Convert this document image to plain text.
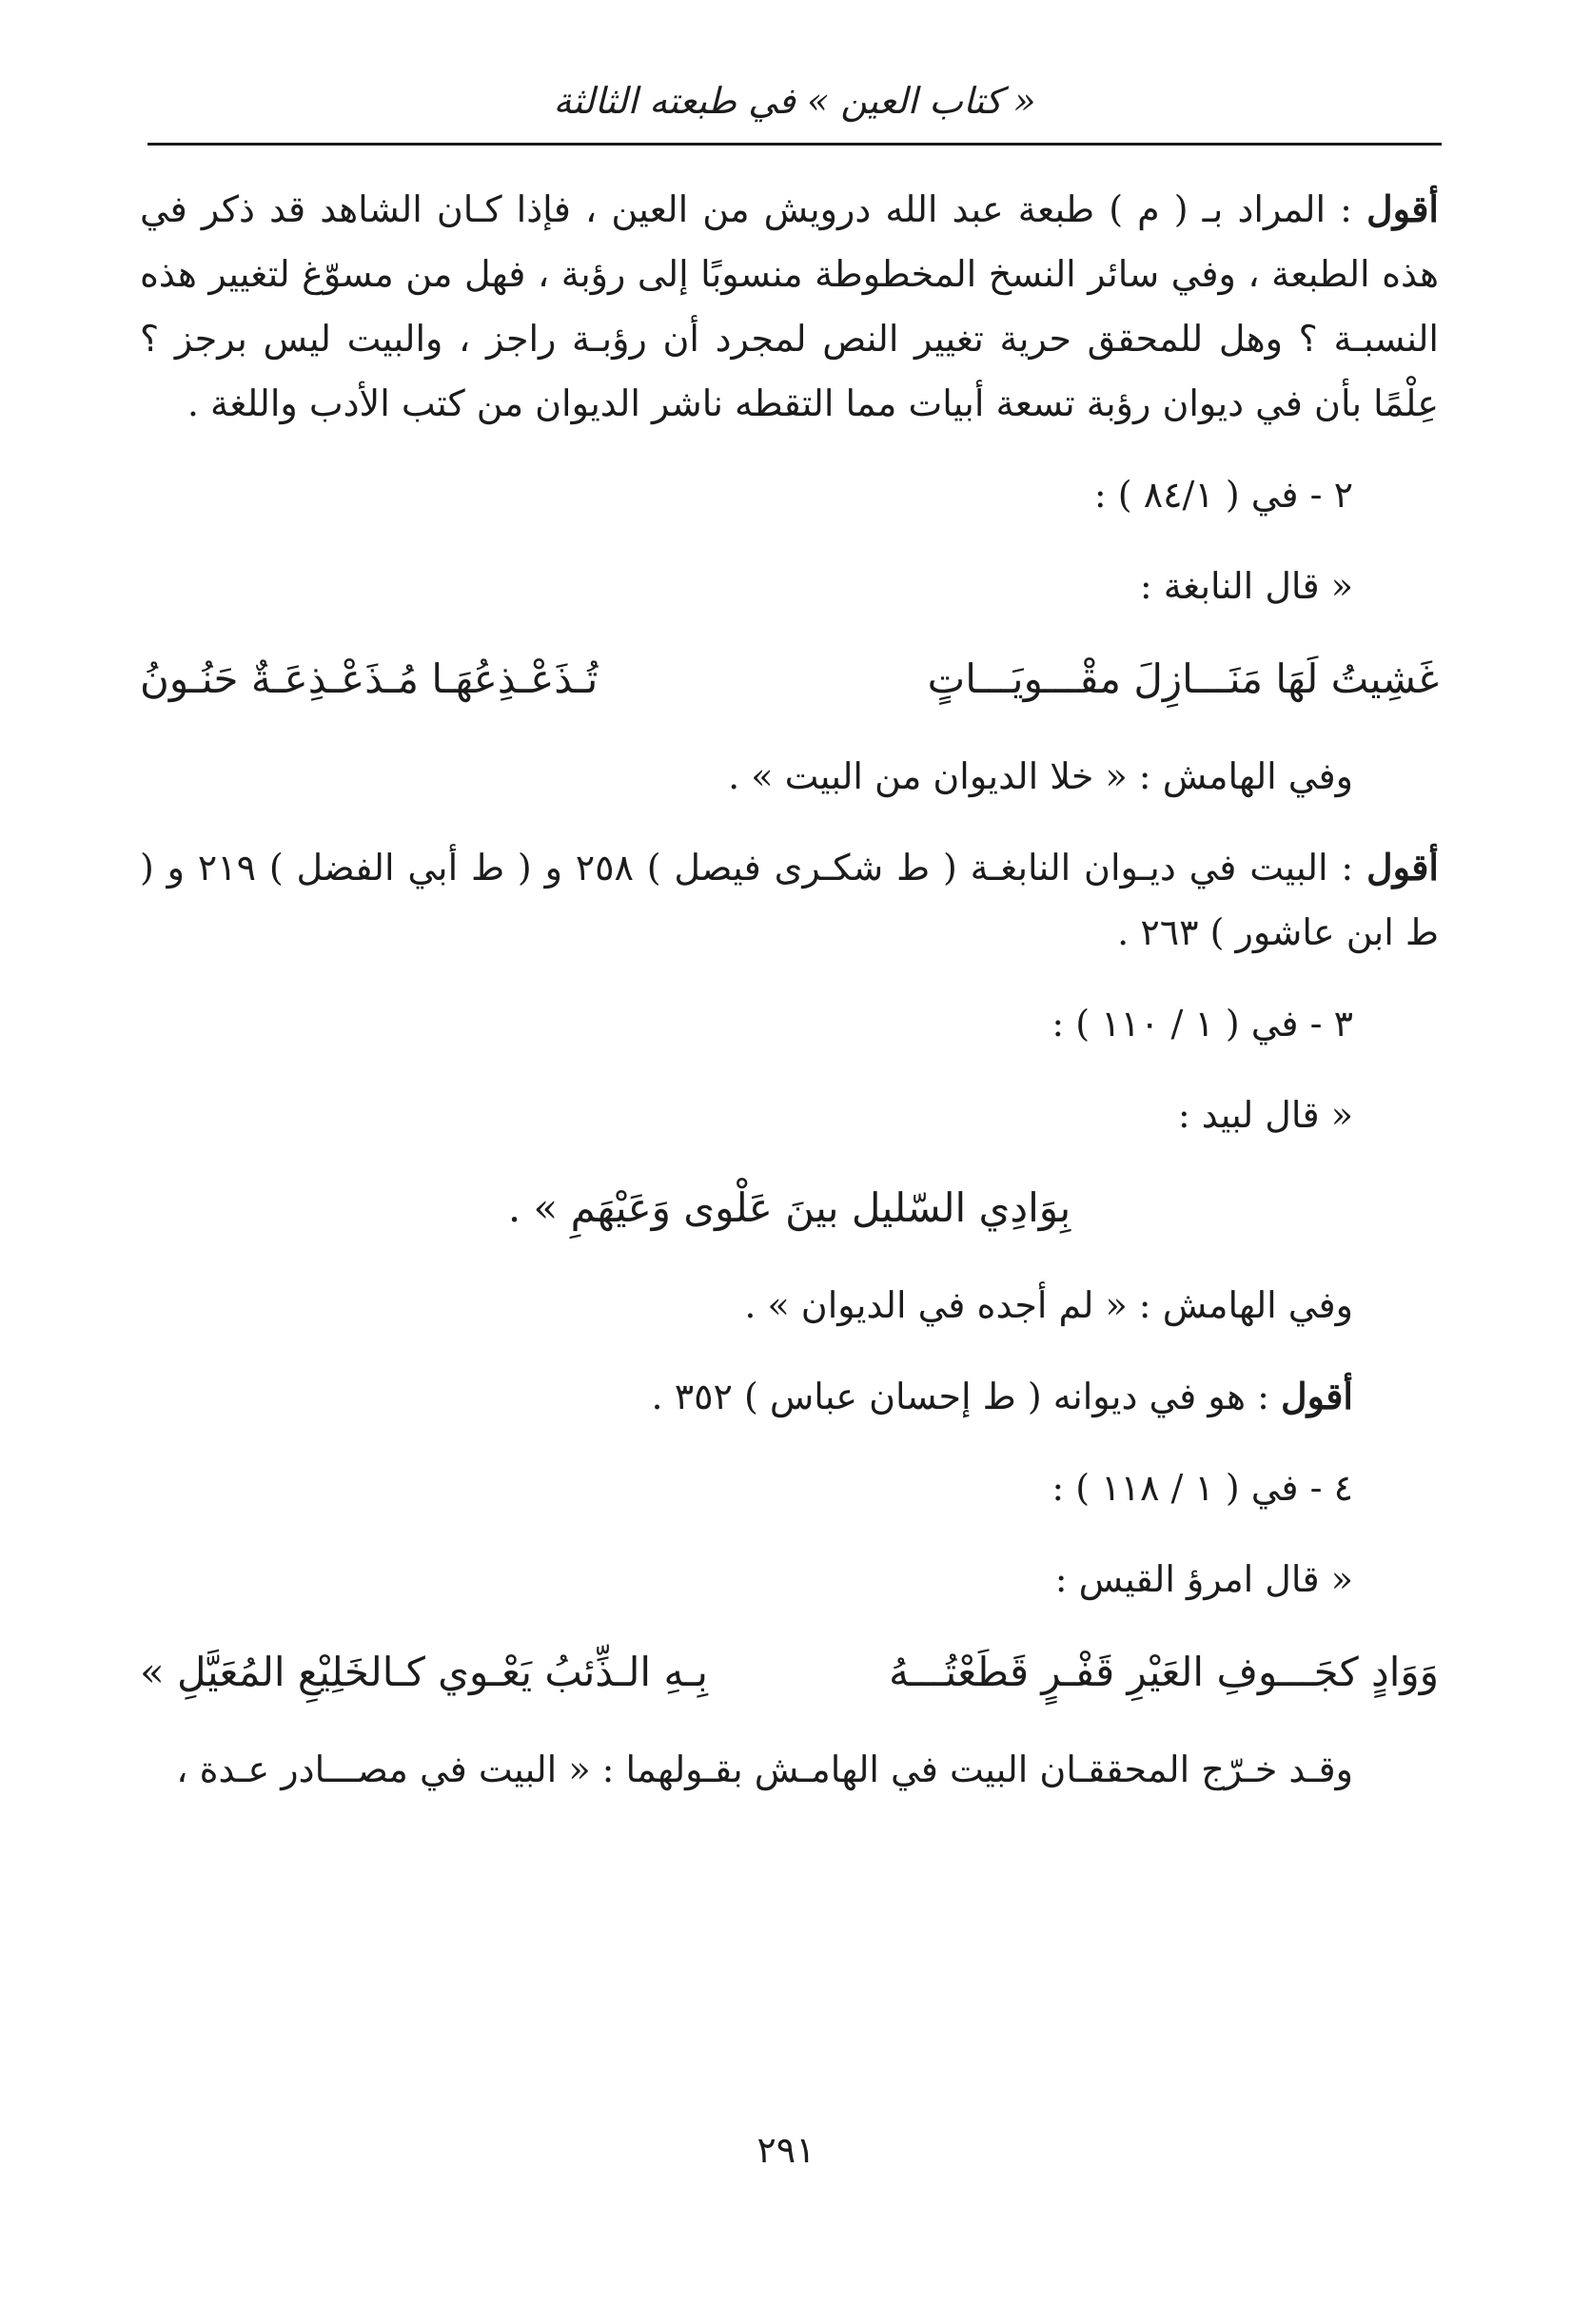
« كتاب العين » في طبعته الثالثة

أقول : المراد بـ ( م ) طبعة عبد الله درويش من العين ، فإذا كـان الشاهد قد ذكر في هذه الطبعة ، وفي سائر النسخ المخطوطة منسوبًا إلى رؤبة ، فهل من مسوّغ لتغيير هذه النسبـة ؟ وهل للمحقق حرية تغيير النص لمجرد أن رؤبـة راجز ، والبيت ليس برجز ؟ عِلْمًا بأن في ديوان رؤبة تسعة أبيات مما التقطه ناشر الديوان من كتب الأدب واللغة .

٢ - في ( ٨٤/١ ) :

« قال النابغة :

غَشِيتُ لَهَا مَنَـــازِلَ مقْـــويَـــاتٍ
تُـذَعْـذِعُهَـا مُـذَعْـذِعَـةٌ حَنُـونُ

وفي الهامش : « خلا الديوان من البيت » .

أقول : البيت في ديـوان النابغـة ( ط شكـرى فيصل ) ٢٥٨ و ( ط أبي الفضل ) ٢١٩ و ( ط ابن عاشور ) ٢٦٣ .

٣ - في ( ١ / ١١٠ ) :

« قال لبيد :

بِوَادِي السّليل بينَ عَلْوى وَعَيْهَمِ » .

وفي الهامش : « لم أجده في الديوان » .

أقول : هو في ديوانه ( ط إحسان عباس ) ٣٥٢ .

٤ - في ( ١ / ١١٨ ) :

« قال امرؤ القيس :

وَوَادٍ كجَـــوفِ العَيْرِ قَفْـرٍ قَطَعْتُـــهُ
بِـهِ الـذِّئبُ يَعْـوي كـالخَلِيْعِ المُعَيَّلِ »

وقـد خـرّج المحققـان البيت في الهامـش بقـولهما : « البيت في مصـــادر عـدة ،

٢٩١
